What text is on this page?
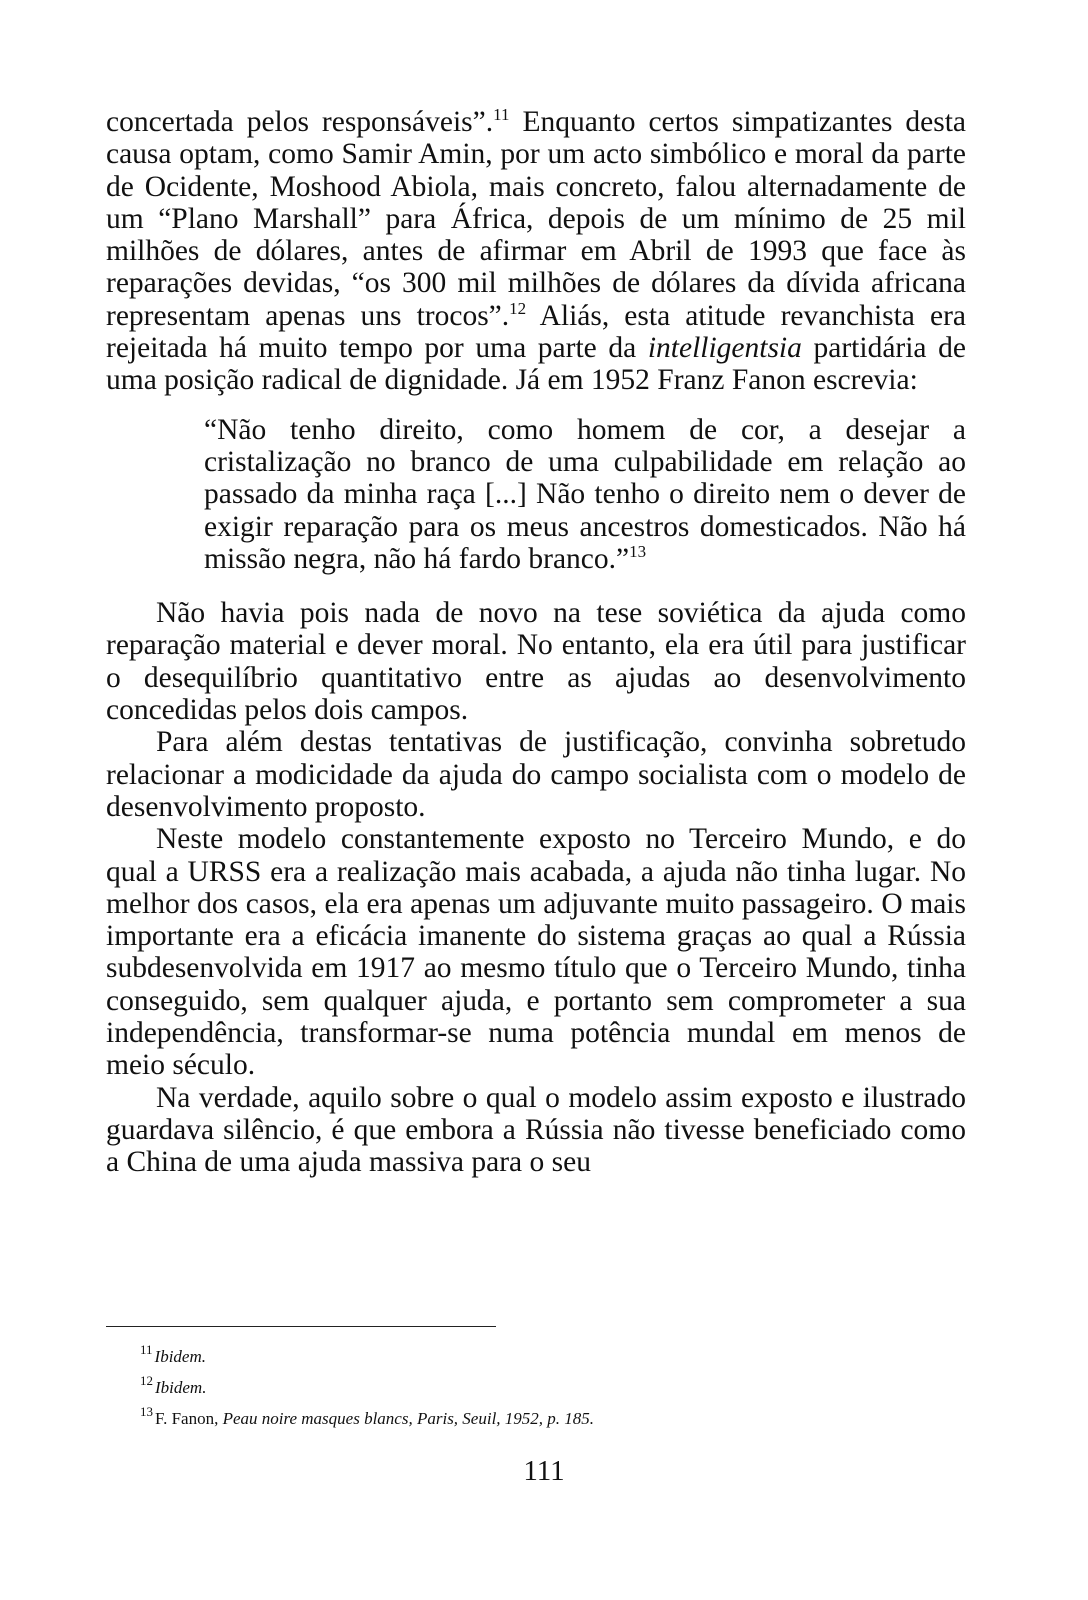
concertada pelos responsáveis”.$^{11}$ Enquanto certos simpatizantes desta causa optam, como Samir Amin, por um acto simbólico e moral da parte de Ocidente, Moshood Abiola, mais concreto, falou alternadamente de um “Plano Marshall” para África, depois de um mínimo de 25 mil milhões de dólares, antes de afirmar em Abril de 1993 que face às reparações devidas, “os 300 mil milhões de dólares da dívida africana representam apenas uns trocos”.$^{12}$ Aliás, esta atitude revanchista era rejeitada há muito tempo por uma parte da intelligentsia partidária de uma posição radical de dignidade. Já em 1952 Franz Fanon escrevia:

“Não tenho direito, como homem de cor, a desejar a cristalização no branco de uma culpabilidade em relação ao passado da minha raça [...] Não tenho o direito nem o dever de exigir reparação para os meus ancestros domesticados. Não há missão negra, não há fardo branco.”$^{13}$

Não havia pois nada de novo na tese soviética da ajuda como reparação material e dever moral. No entanto, ela era útil para justificar o desequilíbrio quantitativo entre as ajudas ao desenvolvimento concedidas pelos dois campos.

Para além destas tentativas de justificação, convinha sobretudo relacionar a modicidade da ajuda do campo socialista com o modelo de desenvolvimento proposto.

Neste modelo constantemente exposto no Terceiro Mundo, e do qual a URSS era a realização mais acabada, a ajuda não tinha lugar. No melhor dos casos, ela era apenas um adjuvante muito passageiro. O mais importante era a eficácia imanente do sistema graças ao qual a Rússia subdesenvolvida em 1917 ao mesmo título que o Terceiro Mundo, tinha conseguido, sem qualquer ajuda, e portanto sem comprometer a sua independência, transformar-se numa potência mundal em menos de meio século.

Na verdade, aquilo sobre o qual o modelo assim exposto e ilustrado guardava silêncio, é que embora a Rússia não tivesse beneficiado como a China de uma ajuda massiva para o seu

$^{11}$ Ibidem.

$^{12}$ Ibidem.

$^{13}$ F. Fanon, Peau noire masques blancs, Paris, Seuil, 1952, p. 185.

111
